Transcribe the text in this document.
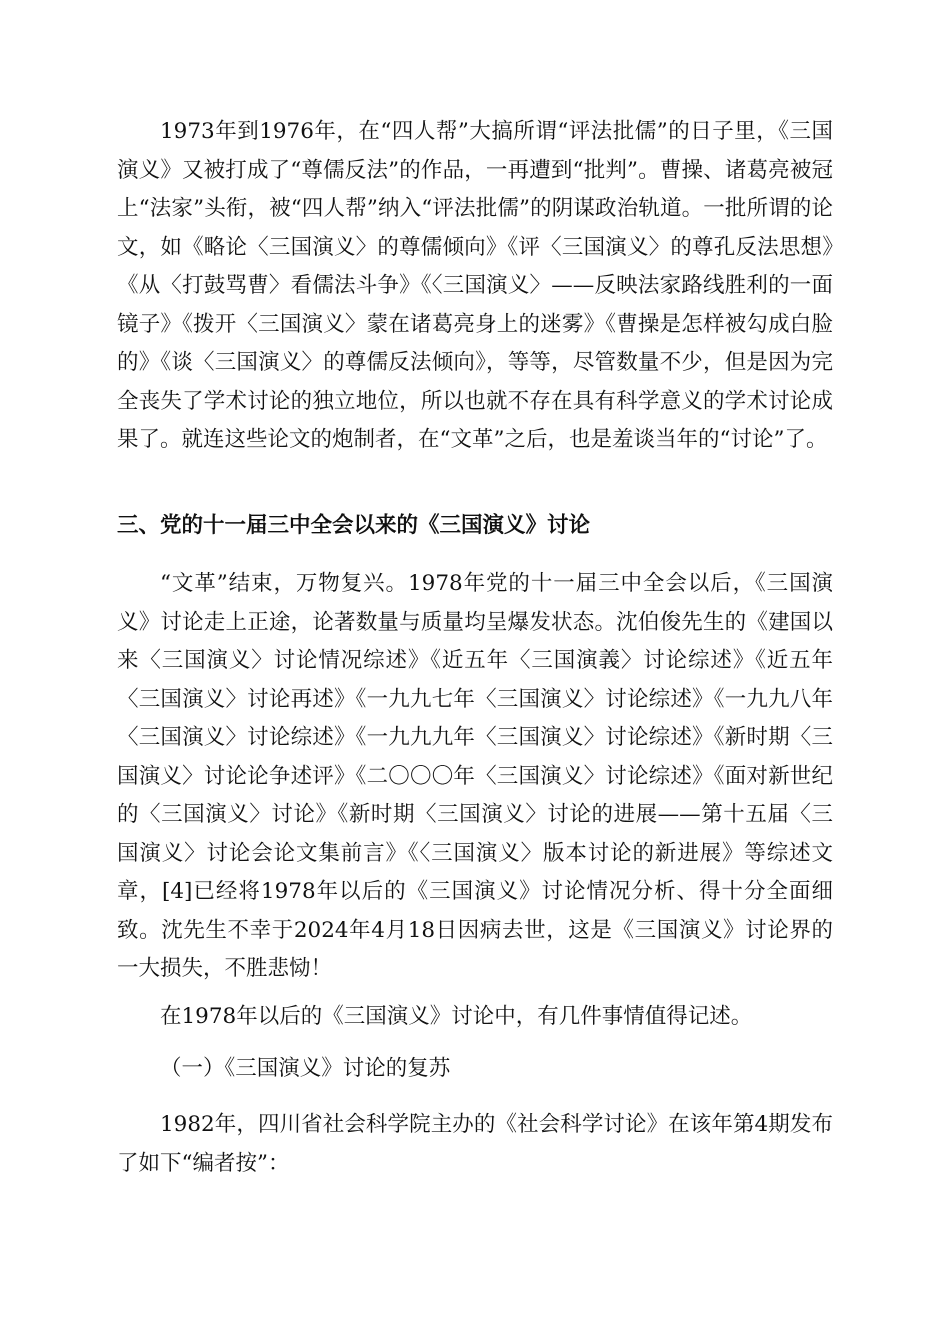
1973年到1976年，在“四人帮”大搞所谓“评法批儒”的日子里，《三国演义》又被打成了“尊儒反法”的作品，一再遭到“批判”。曹操、诸葛亮被冠上“法家”头衔，被“四人帮”纳入“评法批儒”的阴谋政治轨道。一批所谓的论文，如《略论〈三国演义〉的尊儒倾向》《评〈三国演义〉的尊孔反法思想》《从〈打鼓骂曹〉看儒法斗争》《〈三国演义〉——反映法家路线胜利的一面镜子》《拨开〈三国演义〉蒙在诸葛亮身上的迷雾》《曹操是怎样被勾成白脸的》《谈〈三国演义〉的尊儒反法倾向》，等等，尽管数量不少，但是因为完全丧失了学术讨论的独立地位，所以也就不存在具有科学意义的学术讨论成果了。就连这些论文的炮制者，在“文革”之后，也是羞谈当年的“讨论”了。

三、党的十一届三中全会以来的《三国演义》讨论

“文革”结束，万物复兴。1978年党的十一届三中全会以后，《三国演义》讨论走上正途，论著数量与质量均呈爆发状态。沈伯俊先生的《建国以来〈三国演义〉讨论情况综述》《近五年〈三国演義〉讨论综述》《近五年〈三国演义〉讨论再述》《一九九七年〈三国演义〉讨论综述》《一九九八年〈三国演义〉讨论综述》《一九九九年〈三国演义〉讨论综述》《新时期〈三国演义〉讨论论争述评》《二〇〇〇年〈三国演义〉讨论综述》《面对新世纪的〈三国演义〉讨论》《新时期〈三国演义〉讨论的进展——第十五届〈三国演义〉讨论会论文集前言》《〈三国演义〉版本讨论的新进展》等综述文章，[4]已经将1978年以后的《三国演义》讨论情况分析、得十分全面细致。沈先生不幸于2024年4月18日因病去世，这是《三国演义》讨论界的一大损失，不胜悲恸！

在1978年以后的《三国演义》讨论中，有几件事情值得记述。

（一）《三国演义》讨论的复苏

1982年，四川省社会科学院主办的《社会科学讨论》在该年第4期发布了如下“编者按”：
